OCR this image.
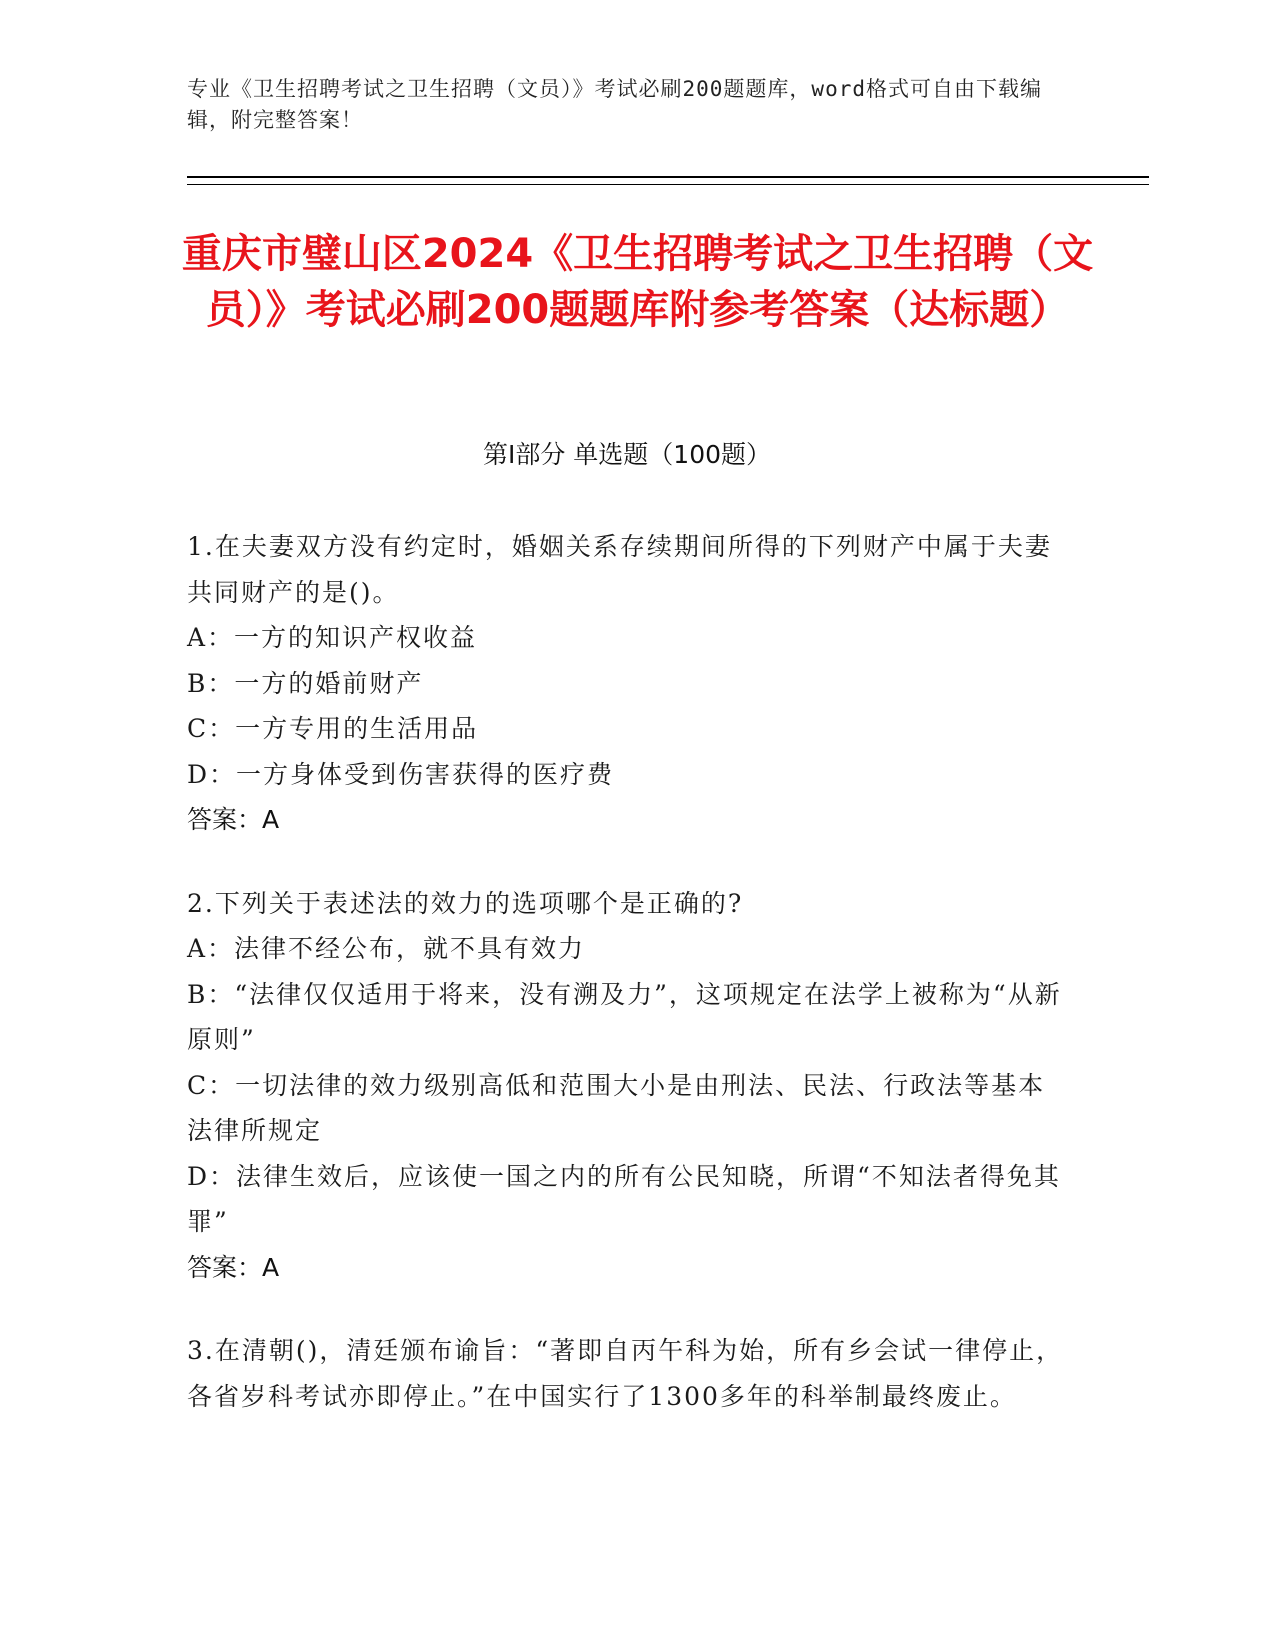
专业《卫生招聘考试之卫生招聘（文员）》考试必刷200题题库，word格式可自由下载编辑，附完整答案！
重庆市璧山区2024《卫生招聘考试之卫生招聘（文员）》考试必刷200题题库附参考答案（达标题）
第I部分 单选题（100题）
1.在夫妻双方没有约定时，婚姻关系存续期间所得的下列财产中属于夫妻共同财产的是()。
A：一方的知识产权收益
B：一方的婚前财产
C：一方专用的生活用品
D：一方身体受到伤害获得的医疗费
答案：A
2.下列关于表述法的效力的选项哪个是正确的?
A：法律不经公布，就不具有效力
B：“法律仅仅适用于将来，没有溯及力”，这项规定在法学上被称为“从新原则”
C：一切法律的效力级别高低和范围大小是由刑法、民法、行政法等基本法律所规定
D：法律生效后，应该使一国之内的所有公民知晓，所谓“不知法者得免其罪”
答案：A
3.在清朝()，清廷颁布谕旨：“著即自丙午科为始，所有乡会试一律停止，各省岁科考试亦即停止。”在中国实行了1300多年的科举制最终废止。
